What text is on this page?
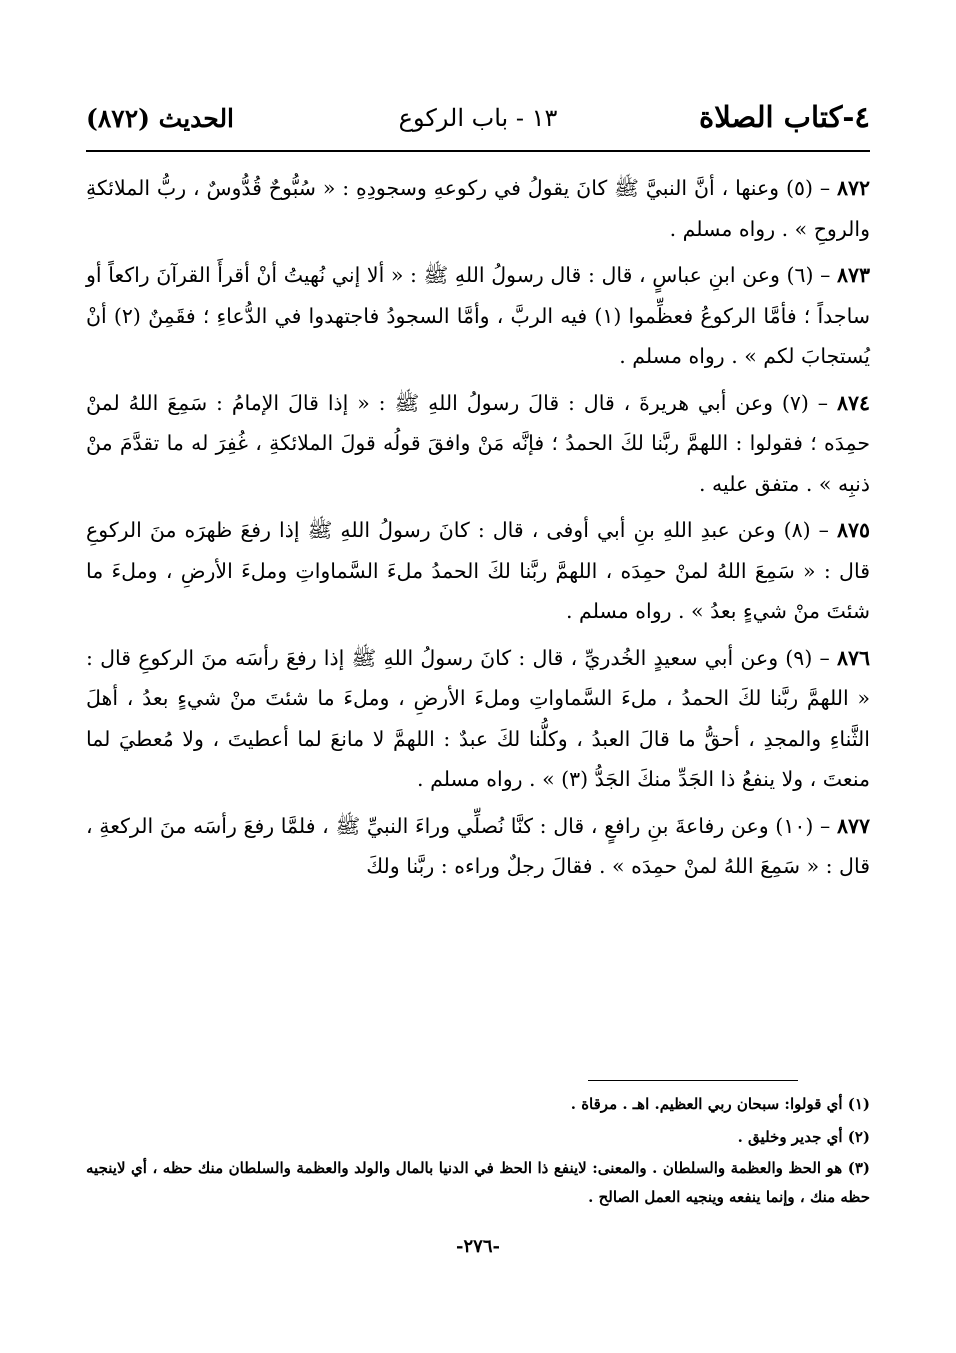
٤-كتاب الصلاة
١٣ - باب الركوع
الحديث (٨٧٢)

٨٧٢ – (٥) وعنها ، أنَّ النبيَّ ﷺ كانَ يقولُ في ركوعهِ وسجودِهِ : « سُبُّوحٌ قُدُّوسٌ ، ربُّ الملائكةِ والروحِ » . رواه مسلم .

٨٧٣ – (٦) وعن ابنِ عباسٍ ، قال : قال رسولُ اللهِ ﷺ : « ألا إني نُهيتُ أنْ أقرأَ القرآنَ راكعاً أو ساجداً ؛ فأمَّا الركوعُ فعظِّموا (١) فيه الربَّ ، وأمَّا السجودُ فاجتهدوا في الدُّعاءِ ؛ فقَمِنٌ (٢) أنْ يُستجابَ لكم » . رواه مسلم .

٨٧٤ – (٧) وعن أبي هريرةَ ، قال : قالَ رسولُ اللهِ ﷺ : « إذا قالَ الإمامُ : سَمِعَ اللهُ لمنْ حمِدَه ؛ فقولوا : اللهمَّ ربَّنا لكَ الحمدُ ؛ فإنَّه مَنْ وافقَ قولُه قولَ الملائكةِ ، غُفِرَ له ما تقدَّمَ منْ ذنبِه » . متفق عليه .

٨٧٥ – (٨) وعن عبدِ اللهِ بنِ أبي أوفى ، قال : كانَ رسولُ اللهِ ﷺ إذا رفعَ ظهرَه منَ الركوعِ قال : « سَمِعَ اللهُ لمنْ حمِدَه ، اللهمَّ ربَّنا لكَ الحمدُ ملءَ السَّماواتِ وملءَ الأرضِ ، وملءَ ما شئتَ منْ شيءٍ بعدُ » . رواه مسلم .

٨٧٦ – (٩) وعن أبي سعيدٍ الخُدريِّ ، قال : كانَ رسولُ اللهِ ﷺ إذا رفعَ رأسَه منَ الركوعِ قال : « اللهمَّ ربَّنا لكَ الحمدُ ، ملءَ السَّماواتِ وملءَ الأرضِ ، وملءَ ما شئتَ منْ شيءٍ بعدُ ، أهلَ الثَّناءِ والمجدِ ، أحقُّ ما قالَ العبدُ ، وكلُّنا لكَ عبدٌ : اللهمَّ لا مانعَ لما أعطيتَ ، ولا مُعطيَ لما منعتَ ، ولا ينفعُ ذا الجَدِّ منكَ الجَدُّ (٣) » . رواه مسلم .

٨٧٧ – (١٠) وعن رفاعةَ بنِ رافعٍ ، قال : كنَّا نُصلِّي وراءَ النبيِّ ﷺ ، فلمَّا رفعَ رأسَه منَ الركعةِ ، قال : « سَمِعَ اللهُ لمنْ حمِدَه » . فقالَ رجلٌ وراءه : ربَّنا ولكَ

(١) أي قولوا: سبحان ربي العظيم. اهـ . مرقاة .

(٢) أي جدير وخليق .

(٣) هو الحظ والعظمة والسلطان . والمعنى: لاينفع ذا الحظ في الدنيا بالمال والولد والعظمة والسلطان منك حظه ، أي لاينجيه حظه منك ، وإنما ينفعه وينجيه العمل الصالح .

-٢٧٦-
